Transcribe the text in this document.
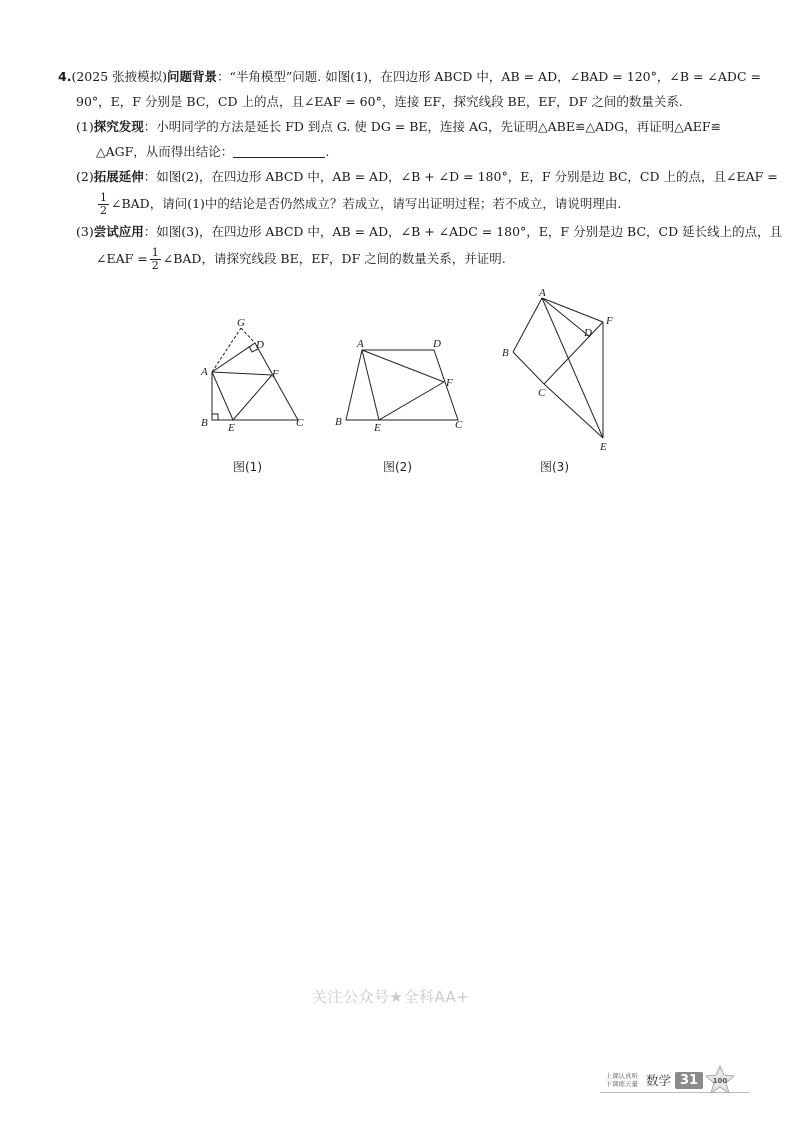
4.(2025 张掖模拟)问题背景：“半角模型”问题. 如图(1)，在四边形 ABCD 中，AB = AD，∠BAD = 120°，∠B = ∠ADC =
90°，E，F 分别是 BC，CD 上的点，且∠EAF = 60°，连接 EF，探究线段 BE，EF，DF 之间的数量关系.
(1)探究发现：小明同学的方法是延长 FD 到点 G. 使 DG = BE，连接 AG，先证明△ABE≌△ADG，再证明△AEF≌
△AGF，从而得出结论：	.
(2)拓展延伸：如图(2)，在四边形 ABCD 中，AB = AD，∠B + ∠D = 180°，E，F 分别是边 BC，CD 上的点，且∠EAF =
$\frac{1}{2}$ ∠BAD，请问(1)中的结论是否仍然成立？若成立，请写出证明过程；若不成立，请说明理由.
(3)尝试应用：如图(3)，在四边形 ABCD 中，AB = AD，∠B + ∠ADC = 180°，E，F 分别是边 BC，CD 延长线上的点，且
∠EAF = $\frac{1}{2}$ ∠BAD，请探究线段 BE，EF，DF 之间的数量关系，并证明.
A
B	C
D
E
F
G
A
B	C
D
E
F
A
B
C
D
E
F
图(1)	图(2)	图(3)
关注公众号★全科AA+
上课认真听
下课练天量 数学 31	100
